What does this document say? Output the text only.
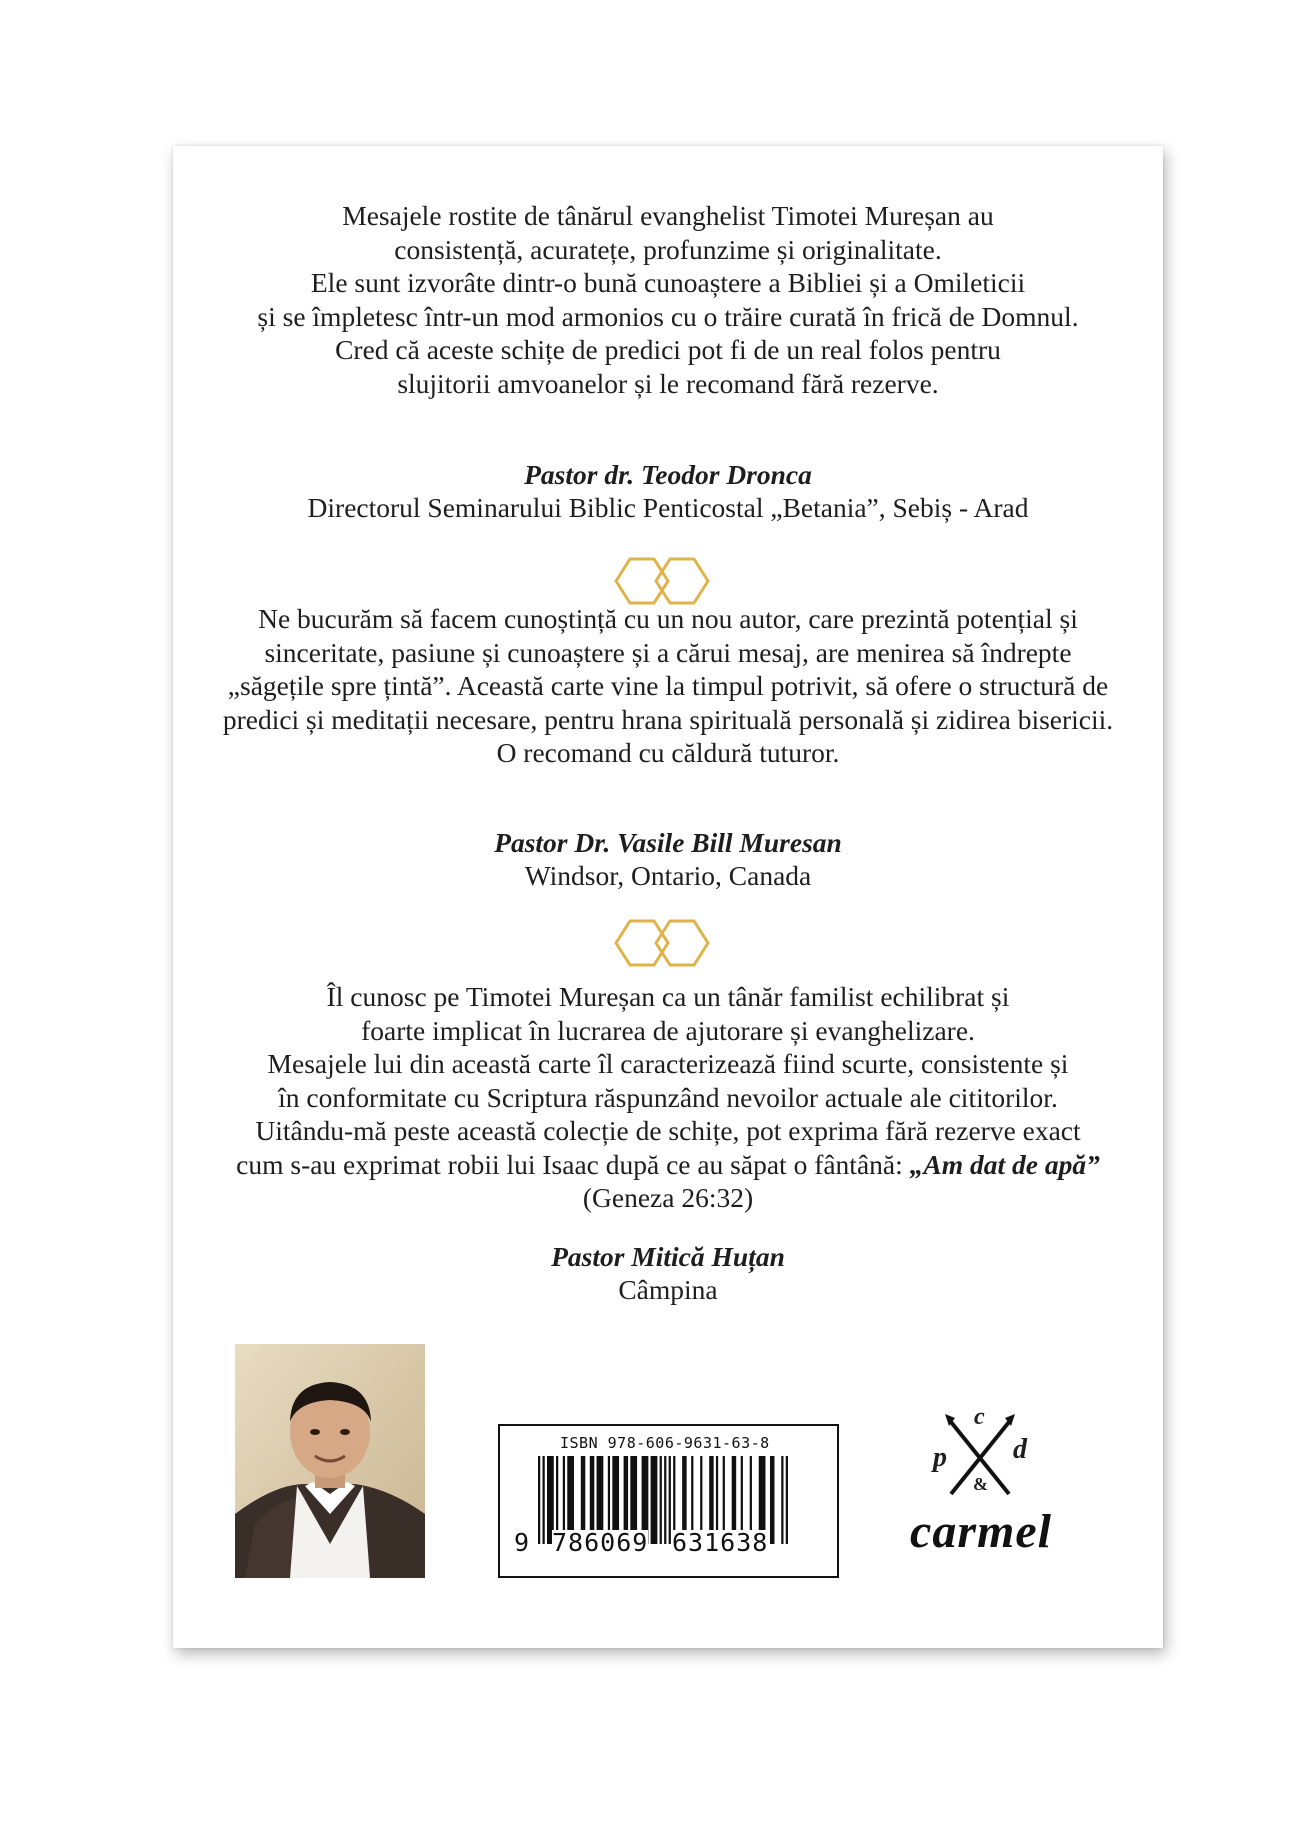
Mesajele rostite de tânărul evanghelist Timotei Mureșan au
consistență, acuratețe, profunzime și originalitate.
Ele sunt izvorâte dintr-o bună cunoaștere a Bibliei și a Omileticii
și se împletesc într-un mod armonios cu o trăire curată în frică de Domnul.
Cred că aceste schițe de predici pot fi de un real folos pentru
slujitorii amvoanelor și le recomand fără rezerve.
Pastor dr. Teodor Dronca
Directorul Seminarului Biblic Penticostal „Betania”, Sebiș - Arad
Ne bucurăm să facem cunoștință cu un nou autor, care prezintă potențial și
sinceritate, pasiune și cunoaștere și a cărui mesaj, are menirea să îndrepte
„săgețile spre țintă”. Această carte vine la timpul potrivit, să ofere o structură de
predici și meditații necesare, pentru hrana spirituală personală și zidirea bisericii.
O recomand cu căldură tuturor.
Pastor Dr. Vasile Bill Muresan
Windsor, Ontario, Canada
Îl cunosc pe Timotei Mureșan ca un tânăr familist echilibrat și
foarte implicat în lucrarea de ajutorare și evanghelizare.
Mesajele lui din această carte îl caracterizează fiind scurte, consistente și
în conformitate cu Scriptura răspunzând nevoilor actuale ale cititorilor.
Uitându-mă peste această colecție de schițe, pot exprima fără rezerve exact
cum s-au exprimat robii lui Isaac după ce au săpat o fântână: „Am dat de apă”
(Geneza 26:32)
Pastor Mitică Huțan
Câmpina
ISBN 978-606-9631-63-8
9 786069 631638
c
p d
&
carmel
